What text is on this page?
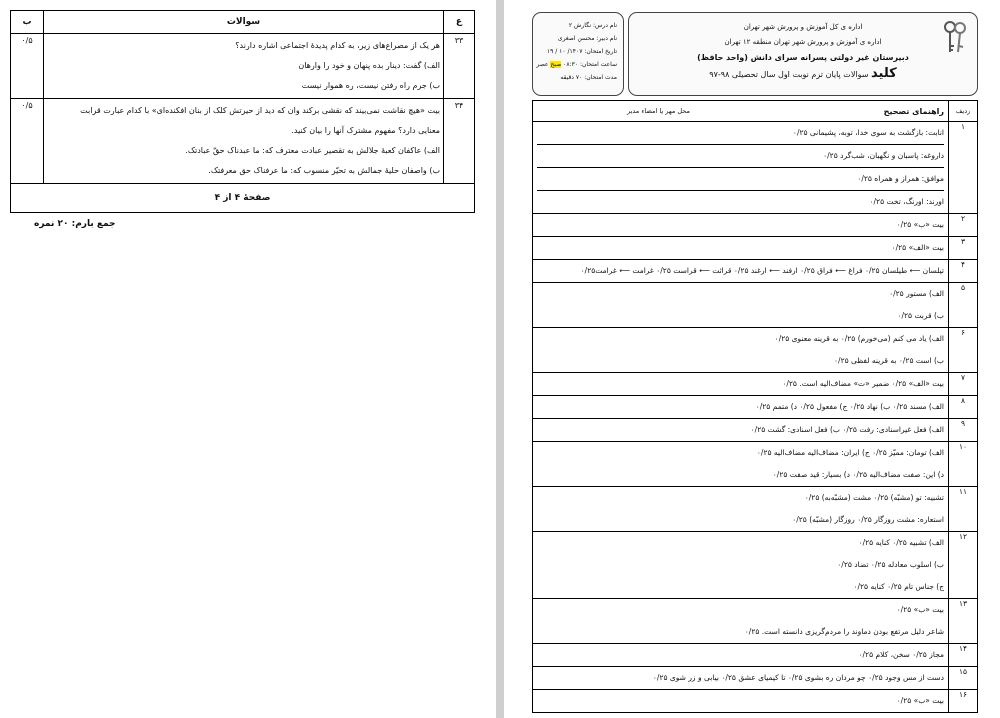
ع	سوالات	ب
۳۳	هر یک از مصراع‌های زیر، به کدام پدیدهٔ اجتماعی اشاره دارند؟
الف) گفت: دینار بده پنهان و خود را وارهان
ب) جرم راه رفتن نیست، ره هموار نیست	۰/۵
۳۴	بیت «هیچ نقاشت نمی‌بیند که نقشی برکند وان که دید از حیرتش کلک از بنان افکنده‌ای» با کدام عبارت قرابت
معنایی دارد؟ مفهوم مشترک آنها را بیان کنید.
الف) عاکفان کعبهٔ جلالش به تقصیر عبادت معترف که: ما عبدناک حقّ عبادتک.
ب) واصفان حلیهٔ جمالش به تحیّر منسوب که: ما عرفناک حق معرفتک.	۰/۵
صفحهٔ ۴ از ۴		
جمع بارم: ۲۰ نمره
نام درس: نگارش ۲
نام دبیر: محسن اصغری
تاریخ امتحان: ۱۴۰۷/ ۱۰ / ۱۹
ساعت امتحان: ۰۸:۳۰ صبح عصر
مدت امتحان: ۷۰ دقیقه
اداره ی کل آموزش و پرورش شهر تهران
اداره ی آموزش و پرورش شهر تهران منطقه ۱۲ تهران
دبیرستان غیر دولتی پسرانه سرای دانش (واحد حافظ)
کلید سوالات پایان ترم نوبت اول سال تحصیلی ۹۸-۹۷
ردیف	راهنمای تصحیح
محل مهر یا امضاء مدیر

۱	انابت: بازگشت به سوی خدا، توبه، پشیمانی ۰/۲۵
داروغه: پاسبان و نگهبان، شب‌گرد ۰/۲۵
موافق: همراز و همراه ۰/۲۵
اورند: اورنگ، تخت ۰/۲۵

۲	بیت «ب» ۰/۲۵

۳	بیت «الف» ۰/۲۵

۴	تیلسان ⟵ طیلسان ۰/۲۵ فراغ ⟵ فراق ۰/۲۵ ارفند ⟵ ارغند ۰/۲۵ قرائت ⟵ قراست ۰/۲۵ غرامت ⟵ غرامت۰/۲۵

۵	الف) مستور ۰/۲۵
ب) قربت ۰/۲۵

۶	الف) یاد می کنم (می‌خورم) ۰/۲۵ به قرینه معنوی ۰/۲۵
ب) است ۰/۲۵ به قرینه لفظی ۰/۲۵

۷	بیت «الف» ۰/۲۵ ضمیر «ت» مضاف‌الیه است. ۰/۲۵

۸	الف) مسند ۰/۲۵ ب) نهاد ۰/۲۵ ج) مفعول ۰/۲۵ د) متمم ۰/۲۵

۹	الف) فعل غیراسنادی: رفت ۰/۲۵ ب) فعل اسنادی: گشت ۰/۲۵

۱۰	الف) تومان: ممیّز ۰/۲۵ ج) ایران: مضاف‌الیه مضاف‌الیه ۰/۲۵
د) این: صفت مضاف‌الیه ۰/۲۵ د) بسیار: قید صفت ۰/۲۵

۱۱	تشبیه: تو (مشبّه) ۰/۲۵ مشت (مشبّه‌به) ۰/۲۵
استعاره: مشت روزگار ۰/۲۵ روزگار (مشبّه) ۰/۲۵

۱۲	الف) تشبیه ۰/۲۵ کنایه ۰/۲۵
ب) اسلوب معادله ۰/۲۵ تضاد ۰/۲۵
ج) جناس تام ۰/۲۵ کنایه ۰/۲۵

۱۳	بیت «ب» ۰/۲۵
شاعر دلیل مرتفع بودن دماوند را مردم‌گریزی دانسته است. ۰/۲۵

۱۴	مجاز ۰/۲۵ سخن، کلام ۰/۲۵

۱۵	دست از مس وجود ۰/۲۵ چو مردان ره بشوی ۰/۲۵ تا کیمیای عشق ۰/۲۵ بیابی و زر شوی ۰/۲۵

۱۶	بیت «ب» ۰/۲۵
